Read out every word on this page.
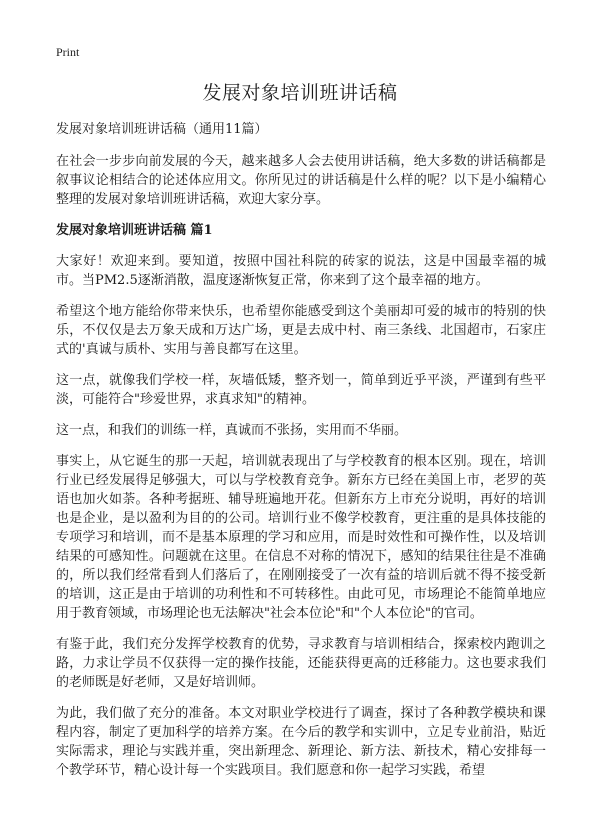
Print
发展对象培训班讲话稿

发展对象培训班讲话稿（通用11篇）

在社会一步步向前发展的今天，越来越多人会去使用讲话稿，绝大多数的讲话稿都是叙事议论相结合的论述体应用文。你所见过的讲话稿是什么样的呢？以下是小编精心整理的发展对象培训班讲话稿，欢迎大家分享。

发展对象培训班讲话稿 篇1

大家好！欢迎来到。要知道，按照中国社科院的砖家的说法，这是中国最幸福的城市。当PM2.5逐渐消散，温度逐渐恢复正常，你来到了这个最幸福的地方。

希望这个地方能给你带来快乐，也希望你能感受到这个美丽却可爱的城市的特别的快乐，不仅仅是去万象天成和万达广场，更是去成中村、南三条线、北国超市，石家庄式的'真诚与质朴、实用与善良都写在这里。

这一点，就像我们学校一样，灰墙低矮，整齐划一，简单到近乎平淡，严谨到有些平淡，可能符合"珍爱世界，求真求知"的精神。

这一点，和我们的训练一样，真诚而不张扬，实用而不华丽。

事实上，从它诞生的那一天起，培训就表现出了与学校教育的根本区别。现在，培训行业已经发展得足够强大，可以与学校教育竞争。新东方已经在美国上市，老罗的英语也加火如荼。各种考据班、辅导班遍地开花。但新东方上市充分说明，再好的培训也是企业，是以盈利为目的的公司。培训行业不像学校教育，更注重的是具体技能的专项学习和培训，而不是基本原理的学习和应用，而是时效性和可操作性，以及培训结果的可感知性。问题就在这里。在信息不对称的情况下，感知的结果往往是不准确的，所以我们经常看到人们落后了，在刚刚接受了一次有益的培训后就不得不接受新的培训，这正是由于培训的功利性和不可转移性。由此可见，市场理论不能简单地应用于教育领域，市场理论也无法解决"社会本位论"和"个人本位论"的官司。

有鉴于此，我们充分发挥学校教育的优势，寻求教育与培训相结合，探索校内跑训之路，力求让学员不仅获得一定的操作技能，还能获得更高的迁移能力。这也要求我们的老师既是好老师，又是好培训师。

为此，我们做了充分的准备。本文对职业学校进行了调查，探讨了各种教学模块和课程内容，制定了更加科学的培养方案。在今后的教学和实训中，立足专业前沿，贴近实际需求，理论与实践并重，突出新理念、新理论、新方法、新技术，精心安排每一个教学环节，精心设计每一个实践项目。我们愿意和你一起学习实践，希望
